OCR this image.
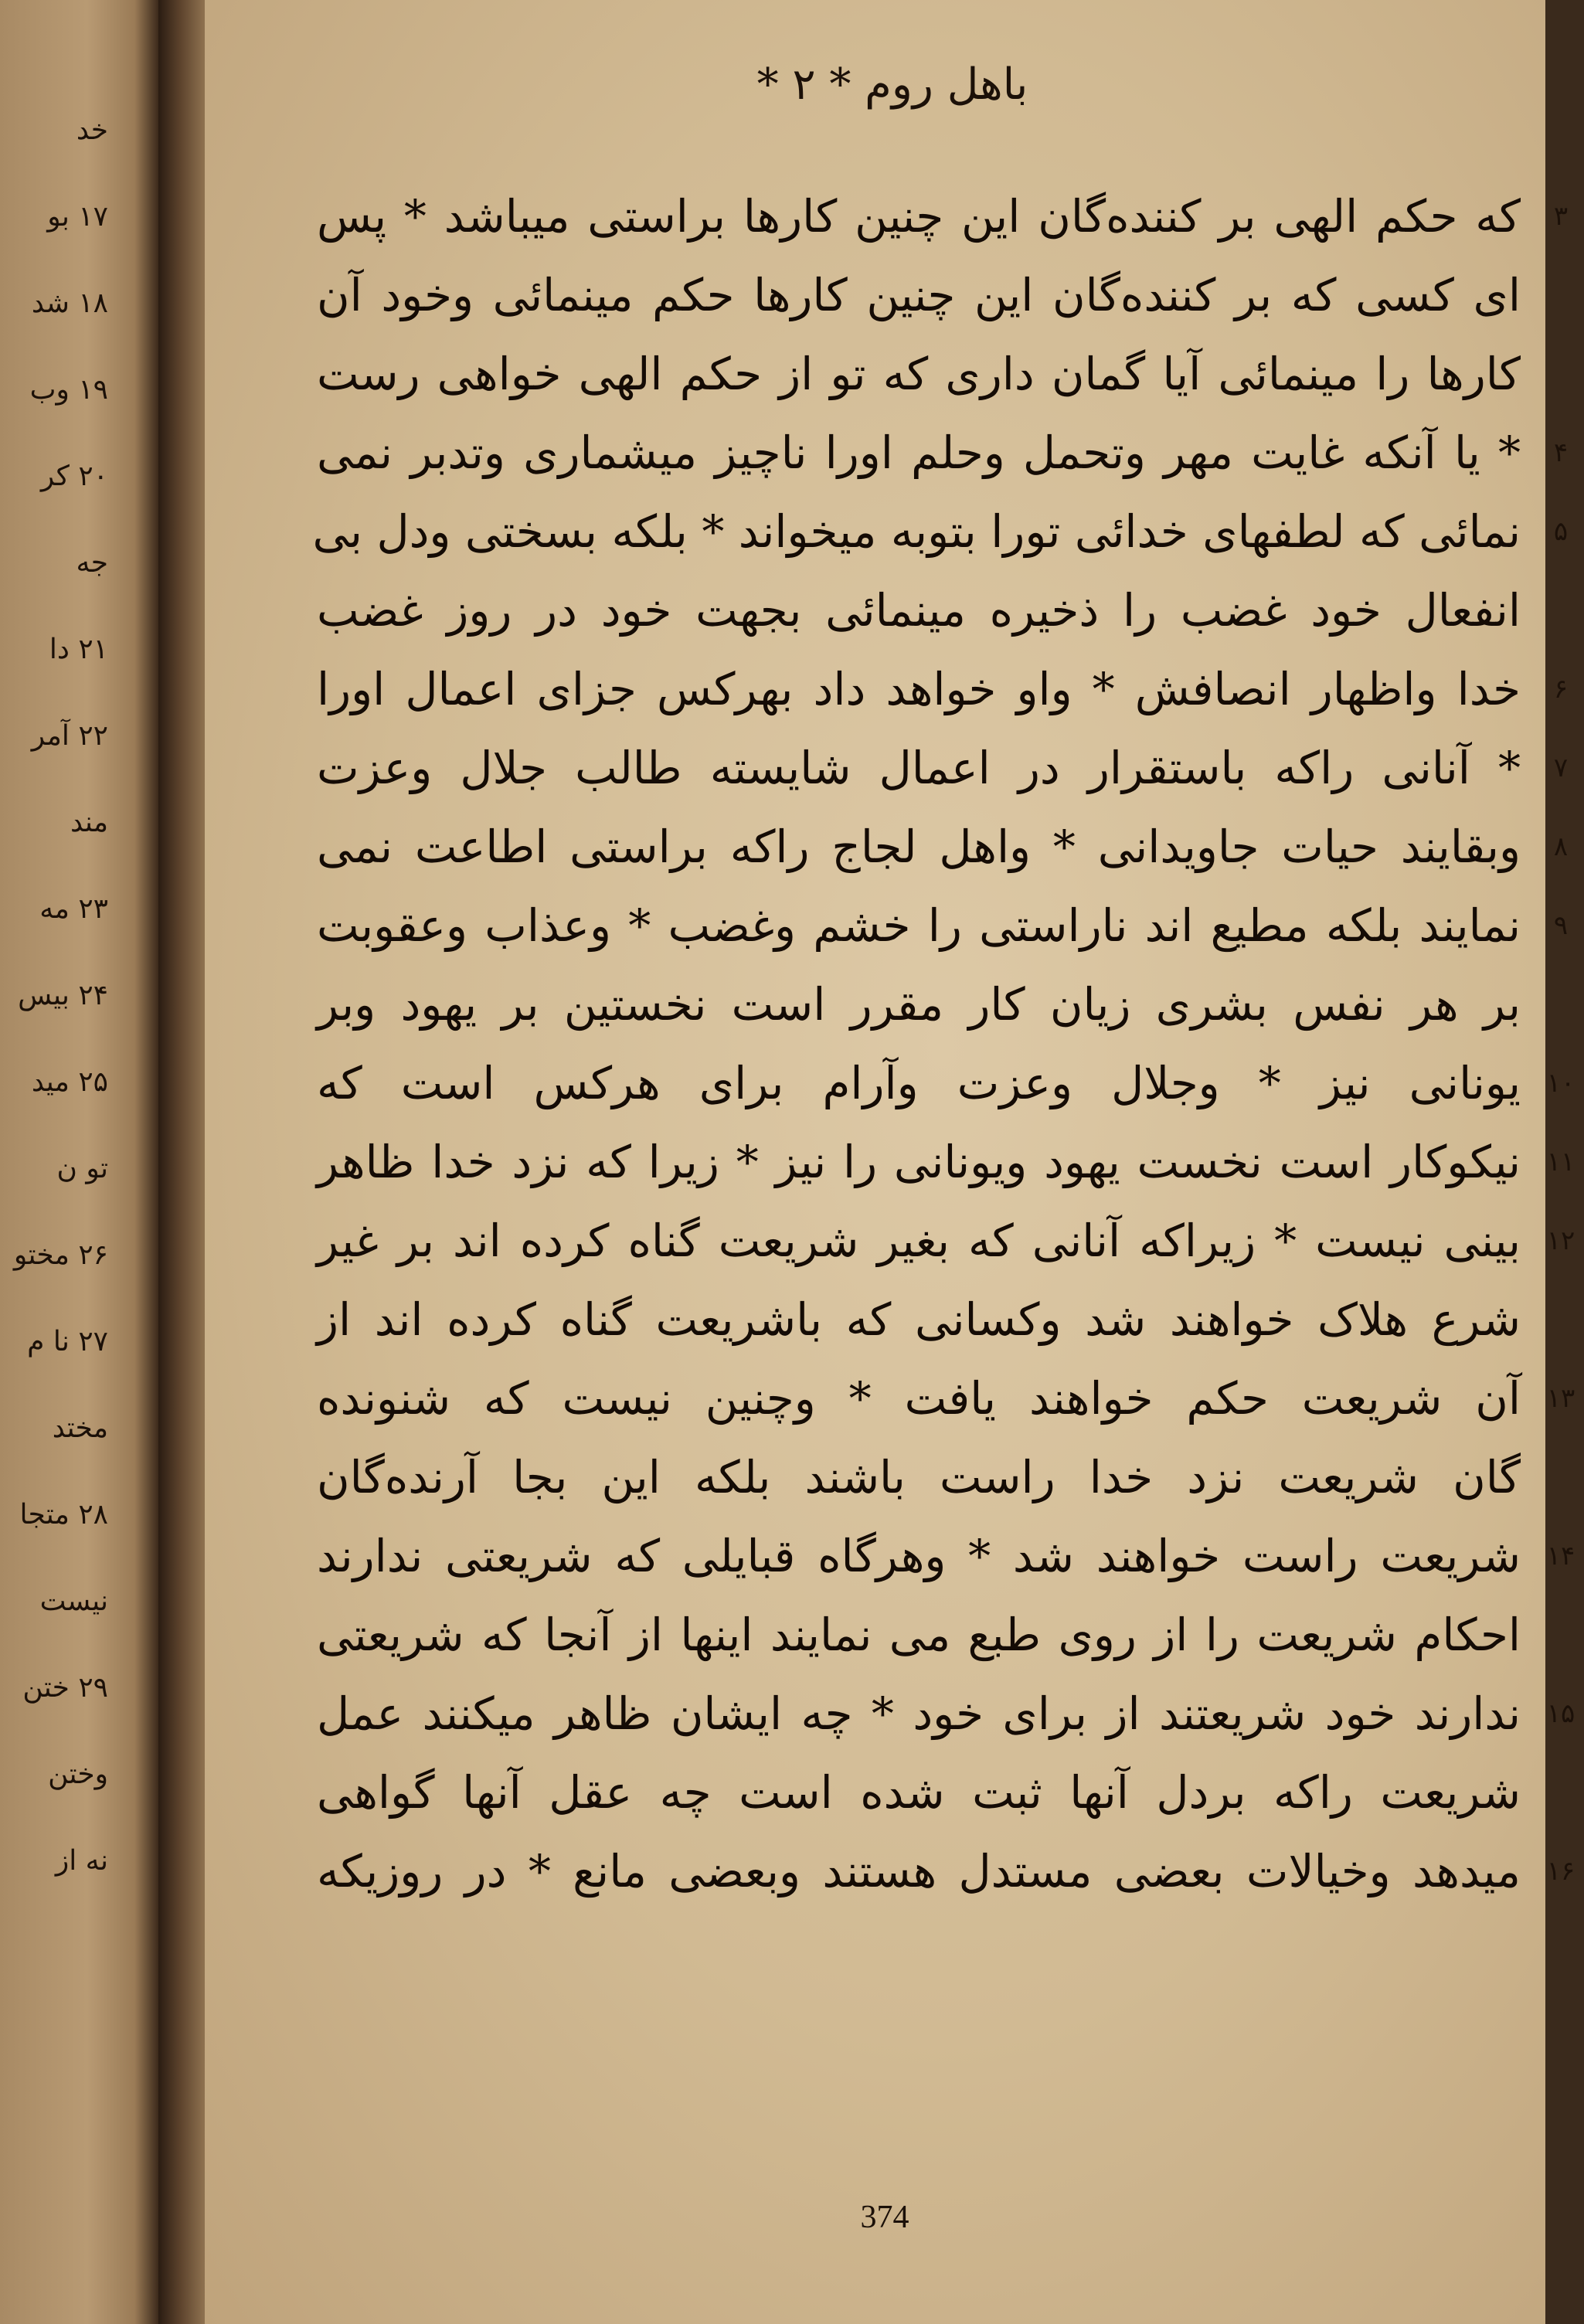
خد
۱۷ بو
۱۸ شد
۱۹ وب
۲۰ کر
جه
۲۱ دا
۲۲ آمر
مند
۲۳ مه
۲۴ بیس
۲۵ مید
تو ن
۲۶ مختو
۲۷ نا م
مختد
۲۸ متجا
نیست
۲۹ ختن
وختن
نه از
باهل روم * ۲ *
۳
که حکم الهی بر کننده‌گان این چنین کارها براستی میباشد * پس
ای کسی که بر کننده‌گان این چنین کارها حکم مینمائی وخود آن
کارها را مینمائی آیا گمان داری که تو از حکم الهی خواهی رست
۴
* یا آنکه غایت مهر وتحمل وحلم اورا ناچیز میشماری وتدبر نمی
۵
نمائی که لطفهای خدائی تورا بتوبه میخواند * بلکه بسختی ودل بی
انفعال خود غضب را ذخیره مینمائی بجهت خود در روز غضب
۶
خدا واظهار انصافش * واو خواهد داد بهرکس جزای اعمال اورا
۷
* آنانی راکه باستقرار در اعمال شایسته طالب جلال وعزت
۸
وبقایند حیات جاویدانی * واهل لجاج راکه براستی اطاعت نمی
۹
نمایند بلکه مطیع اند ناراستی را خشم وغضب * وعذاب وعقوبت
بر هر نفس بشری زیان کار مقرر است نخستین بر یهود وبر
۱۰
یونانی نیز * وجلال وعزت وآرام برای هرکس است که
۱۱
نیکوکار است نخست یهود ویونانی را نیز * زیرا که نزد خدا ظاهر
۱۲
بینی نیست * زیراکه آنانی که بغیر شریعت گناه کرده اند بر غیر
شرع هلاک خواهند شد وکسانی که باشریعت گناه کرده اند از
۱۳
آن شریعت حکم خواهند یافت * وچنین نیست که شنونده
گان شریعت نزد خدا راست باشند بلکه این بجا آرنده‌گان
۱۴
شریعت راست خواهند شد * وهرگاه قبایلی که شریعتی ندارند
احکام شریعت را از روی طبع می نمایند اینها از آنجا که شریعتی
۱۵
ندارند خود شریعتند از برای خود * چه ایشان ظاهر میکنند عمل
شریعت راکه بردل آنها ثبت شده است چه عقل آنها گواهی
۱۶
میدهد وخیالات بعضی مستدل هستند وبعضی مانع * در روزیکه
374
